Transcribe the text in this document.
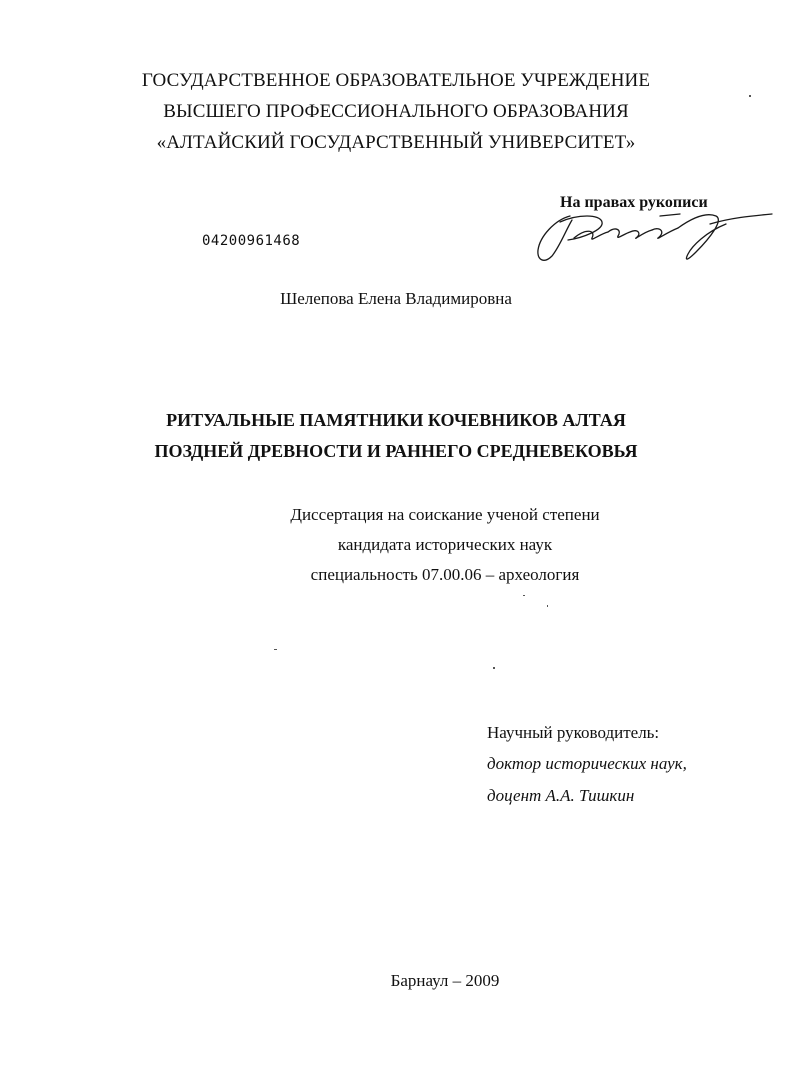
ГОСУДАРСТВЕННОЕ ОБРАЗОВАТЕЛЬНОЕ УЧРЕЖДЕНИЕ
ВЫСШЕГО ПРОФЕССИОНАЛЬНОГО ОБРАЗОВАНИЯ
«АЛТАЙСКИЙ ГОСУДАРСТВЕННЫЙ УНИВЕРСИТЕТ»
На правах рукописи
04200961468
Шелепова Елена Владимировна
РИТУАЛЬНЫЕ ПАМЯТНИКИ КОЧЕВНИКОВ АЛТАЯ
ПОЗДНЕЙ ДРЕВНОСТИ И РАННЕГО СРЕДНЕВЕКОВЬЯ
Диссертация на соискание ученой степени
кандидата исторических наук
специальность 07.00.06 – археология
Научный руководитель:
доктор исторических наук,
доцент А.А. Тишкин
Барнаул – 2009
